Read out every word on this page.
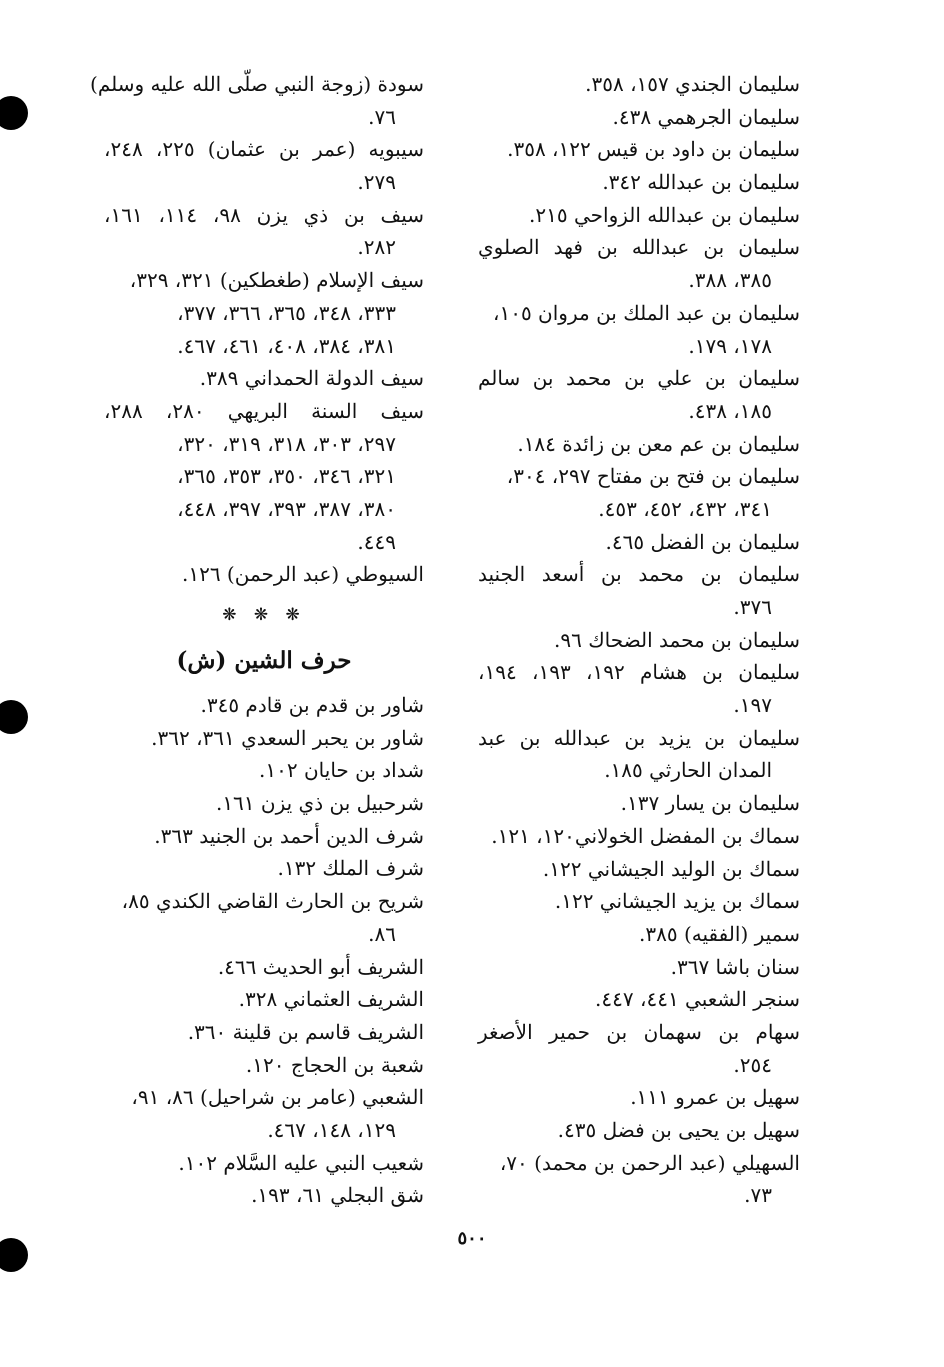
سليمان الجندي ١٥٧، ٣٥٨.
سليمان الجرهمي ٤٣٨.
سليمان بن داود بن قيس ١٢٢، ٣٥٨.
سليمان بن عبدالله ٣٤٢.
سليمان بن عبدالله الزواحي ٢١٥.
سليمان بن عبدالله بن فهد الصلوي
٣٨٥، ٣٨٨.
سليمان بن عبد الملك بن مروان ١٠٥،
١٧٨، ١٧٩.
سليمان بن علي بن محمد بن سالم
١٨٥، ٤٣٨.
سليمان بن عم معن بن زائدة ١٨٤.
سليمان بن فتح بن مفتاح ٢٩٧، ٣٠٤،
٣٤١، ٤٣٢، ٤٥٢، ٤٥٣.
سليمان بن الفضل ٤٦٥.
سليمان بن محمد بن أسعد الجنيد
٣٧٦.
سليمان بن محمد الضحاك ٩٦.
سليمان بن هشام ١٩٢، ١٩٣، ١٩٤،
١٩٧.
سليمان بن يزيد بن عبدالله بن عبد
المدان الحارثي ١٨٥.
سليمان بن يسار ١٣٧.
سماك بن المفضل الخولاني١٢٠، ١٢١.
سماك بن الوليد الجيشاني ١٢٢.
سماك بن يزيد الجيشاني ١٢٢.
سمير (الفقيه) ٣٨٥.
سنان باشا ٣٦٧.
سنجر الشعبي ٤٤١، ٤٤٧.
سهام بن سهمان بن حمير الأصغر
٢٥٤.
سهيل بن عمرو ١١١.
سهيل بن يحيى بن فضل ٤٣٥.
السهيلي (عبد الرحمن بن محمد) ٧٠،
٧٣.
سودة (زوجة النبي صلّى الله عليه وسلم)
٧٦.
سيبويه (عمر بن عثمان) ٢٢٥، ٢٤٨،
٢٧٩.
سيف بن ذي يزن ٩٨، ١١٤، ١٦١،
٢٨٢.
سيف الإسلام (طغطكين) ٣٢١، ٣٢٩،
٣٣٣، ٣٤٨، ٣٦٥، ٣٦٦، ٣٧٧،
٣٨١، ٣٨٤، ٤٠٨، ٤٦١، ٤٦٧.
سيف الدولة الحمداني ٣٨٩.
سيف السنة البريهي ٢٨٠، ٢٨٨،
٢٩٧، ٣٠٣، ٣١٨، ٣١٩، ٣٢٠،
٣٢١، ٣٤٦، ٣٥٠، ٣٥٣، ٣٦٥،
٣٨٠، ٣٨٧، ٣٩٣، ٣٩٧، ٤٤٨،
٤٤٩.
السيوطي (عبد الرحمن) ١٢٦.
❋ ❋ ❋
حرف الشين (ش)
شاور بن قدم بن قادم ٣٤٥.
شاور بن يحبر السعدي ٣٦١، ٣٦٢.
شداد بن حايان ١٠٢.
شرحبيل بن ذي يزن ١٦١.
شرف الدين أحمد بن الجنيد ٣٦٣.
شرف الملك ١٣٢.
شريح بن الحارث القاضي الكندي ٨٥،
٨٦.
الشريف أبو الحديث ٤٦٦.
الشريف العثماني ٣٢٨.
الشريف قاسم بن قلينة ٣٦٠.
شعبة بن الحجاج ١٢٠.
الشعبي (عامر بن شراحيل) ٨٦، ٩١،
١٢٩، ١٤٨، ٤٦٧.
شعيب النبي عليه السَّلام ١٠٢.
شق البجلي ٦١، ١٩٣.
٥٠٠
